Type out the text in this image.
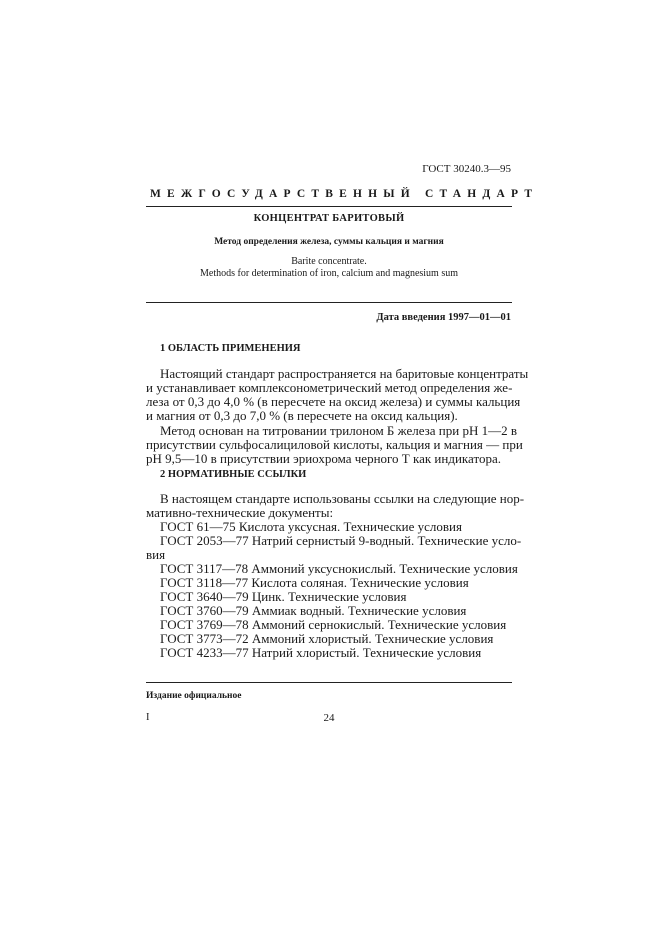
ГОСТ 30240.3—95
МЕЖГОСУДАРСТВЕННЫЙ СТАНДАРТ
КОНЦЕНТРАТ БАРИТОВЫЙ
Метод определения железа, суммы кальция и магния
Barite concentrate.
Methods for determination of iron, calcium and magnesium sum
Дата введения 1997—01—01
1 ОБЛАСТЬ ПРИМЕНЕНИЯ
Настоящий стандарт распространяется на баритовые концентраты
и устанавливает комплексонометрический метод определения же-
леза от 0,3 до 4,0 % (в пересчете на оксид железа) и суммы кальция
и магния от 0,3 до 7,0 % (в пересчете на оксид кальция).
Метод основан на титровании трилоном Б железа при рН 1—2 в
присутствии сульфосалициловой кислоты, кальция и магния — при
рН 9,5—10 в присутствии эриохрома черного Т как индикатора.
2 НОРМАТИВНЫЕ ССЫЛКИ
В настоящем стандарте использованы ссылки на следующие нор-
мативно-технические документы:
ГОСТ 61—75 Кислота уксусная. Технические условия
ГОСТ 2053—77 Натрий сернистый 9-водный. Технические усло-
вия
ГОСТ 3117—78 Аммоний уксуснокислый. Технические условия
ГОСТ 3118—77 Кислота соляная. Технические условия
ГОСТ 3640—79 Цинк. Технические условия
ГОСТ 3760—79 Аммиак водный. Технические условия
ГОСТ 3769—78 Аммоний сернокислый. Технические условия
ГОСТ 3773—72 Аммоний хлористый. Технические условия
ГОСТ 4233—77 Натрий хлористый. Технические условия
Издание официальное
I	24
